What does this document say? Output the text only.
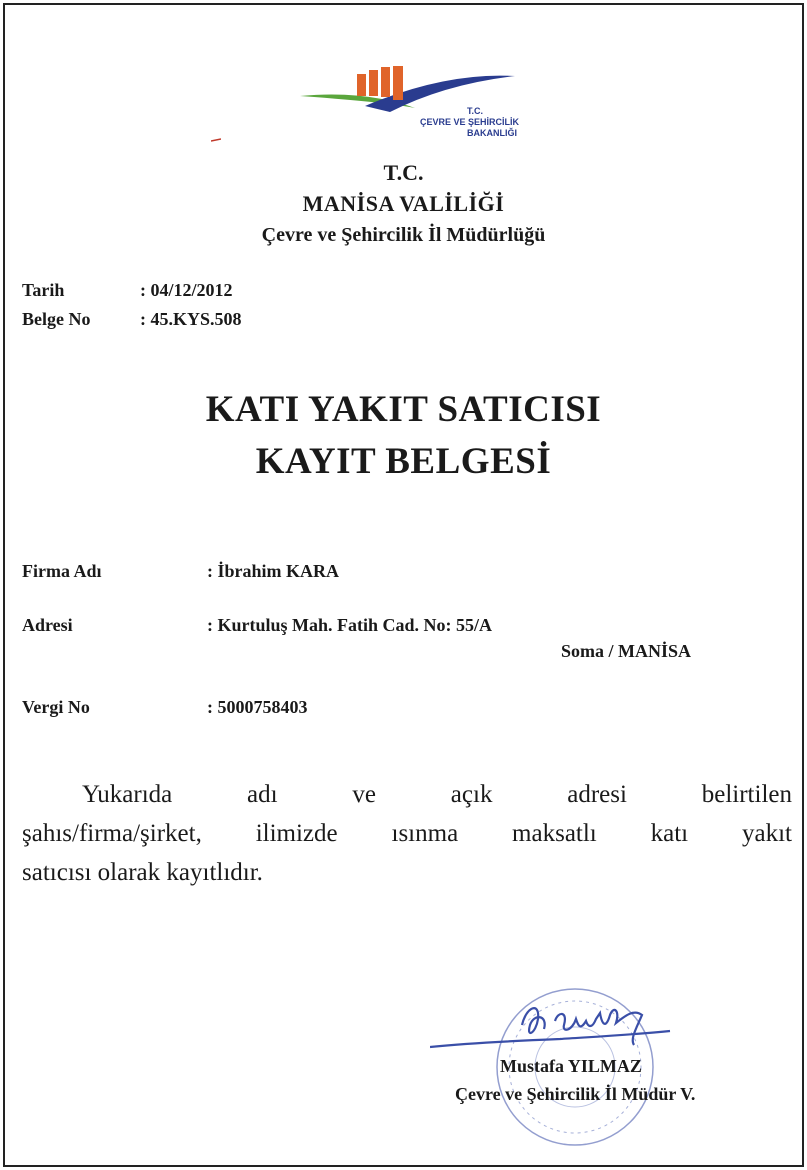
T.C.
ÇEVRE VE ŞEHİRCİLİK
BAKANLIĞI
T.C.
MANİSA VALİLİĞİ
Çevre ve Şehircilik İl Müdürlüğü
Tarih	: 04/12/2012
Belge No	: 45.KYS.508
KATI YAKIT SATICISI
KAYIT BELGESİ
Firma Adı	: İbrahim KARA
Adresi	: Kurtuluş Mah. Fatih Cad. No: 55/A
Soma / MANİSA
Vergi No	: 5000758403
Yukarıda adı ve açık adresi belirtilen
şahıs/firma/şirket, ilimizde ısınma maksatlı katı yakıt
satıcısı olarak kayıtlıdır.
Mustafa YILMAZ
Çevre ve Şehircilik İl Müdür V.
